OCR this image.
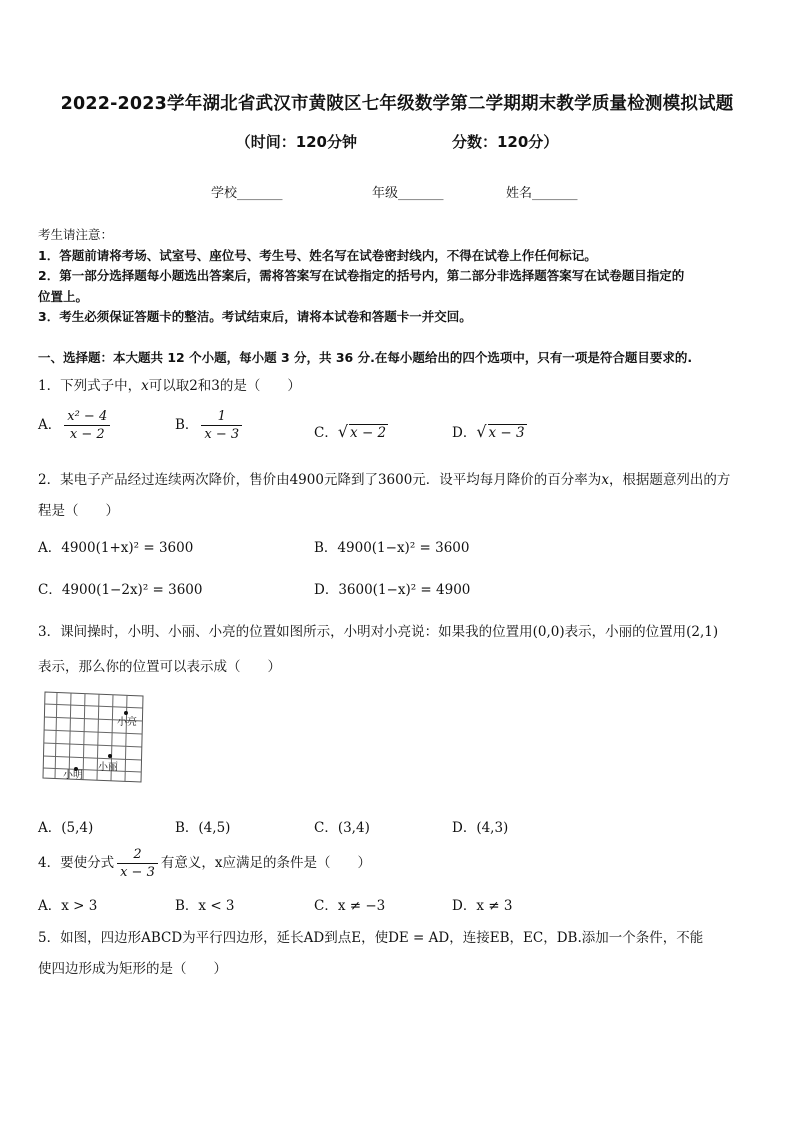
2022-2023学年湖北省武汉市黄陂区七年级数学第二学期期末教学质量检测模拟试题
（时间：120分钟	分数：120分）
学校_______	年级_______	姓名_______
考生请注意：
1．答题前请将考场、试室号、座位号、考生号、姓名写在试卷密封线内，不得在试卷上作任何标记。
2．第一部分选择题每小题选出答案后，需将答案写在试卷指定的括号内，第二部分非选择题答案写在试卷题目指定的
位置上。
3．考生必须保证答题卡的整洁。考试结束后，请将本试卷和答题卡一并交回。
一、选择题：本大题共 12 个小题，每小题 3 分，共 36 分.在每小题给出的四个选项中，只有一项是符合题目要求的.
1．下列式子中，x可以取2和3的是（　　）
A． $\frac{\text{x² − 4}}{x - 2}$	B． $\frac{1}{x - 3}$	C．√ x − 2	D．√ x − 3
2．某电子产品经过连续两次降价，售价由4900元降到了3600元．设平均每月降价的百分率为x，根据题意列出的方
程是（　　）
A．4900(1+x)² = 3600	B．4900(1−x)² = 3600
C．4900(1−2x)² = 3600	D．3600(1−x)² = 4900
3．课间操时，小明、小丽、小亮的位置如图所示，小明对小亮说：如果我的位置用(0,0)表示，小丽的位置用(2,1)
表示，那么你的位置可以表示成（　　）
小亮
小丽
小明
A．(5,4)	B．(4,5)	C．(3,4)	D．(4,3)
4．要使分式 $\frac{2}{x - 3}$ 有意义，x应满足的条件是（　　）
A．x > 3	B．x < 3	C．x ≠ −3	D．x ≠ 3
5．如图，四边形ABCD为平行四边形，延长AD到点E，使DE = AD，连接EB，EC，DB.添加一个条件，不能
使四边形成为矩形的是（　　）
